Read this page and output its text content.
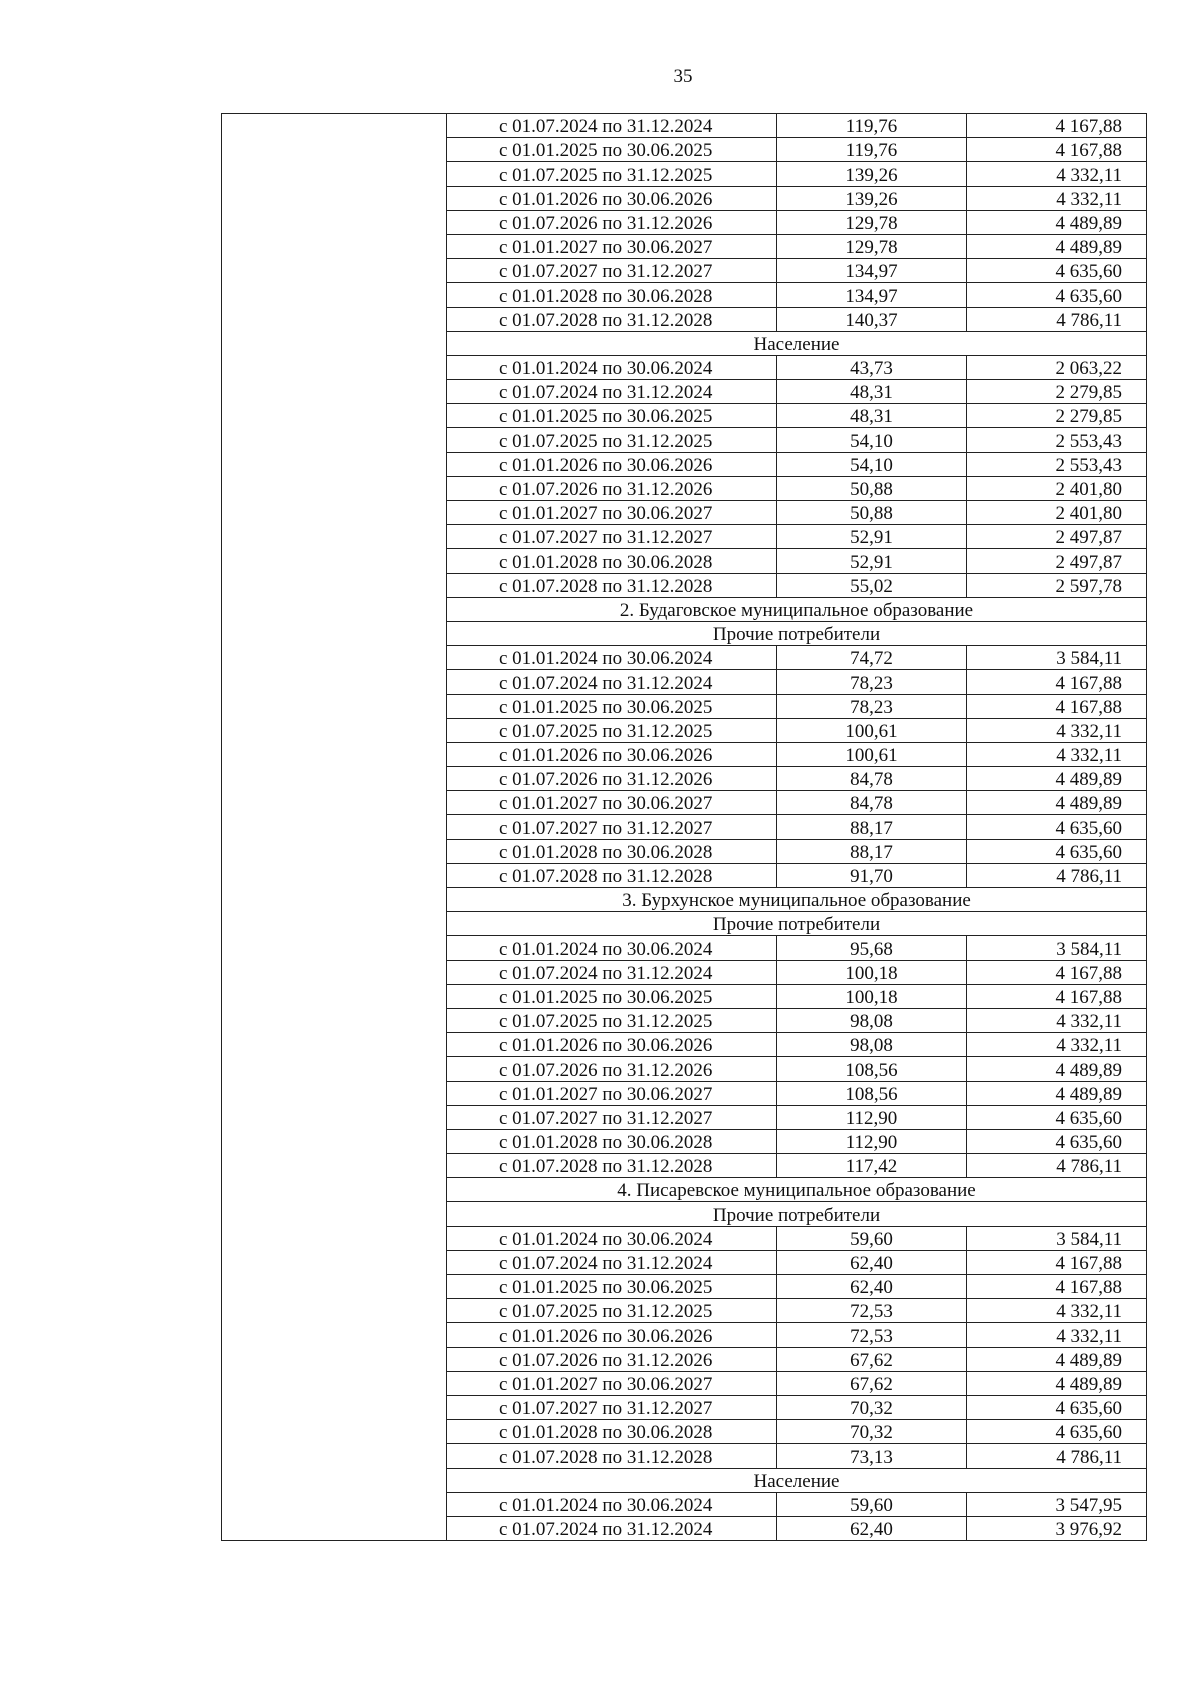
35
	с 01.07.2024 по 31.12.2024	119,76	4 167,88
	с 01.01.2025 по 30.06.2025	119,76	4 167,88
	с 01.07.2025 по 31.12.2025	139,26	4 332,11
	с 01.01.2026 по 30.06.2026	139,26	4 332,11
	с 01.07.2026 по 31.12.2026	129,78	4 489,89
	с 01.01.2027 по 30.06.2027	129,78	4 489,89
	с 01.07.2027 по 31.12.2027	134,97	4 635,60
	с 01.01.2028 по 30.06.2028	134,97	4 635,60
	с 01.07.2028 по 31.12.2028	140,37	4 786,11
	Население		
	с 01.01.2024 по 30.06.2024	43,73	2 063,22
	с 01.07.2024 по 31.12.2024	48,31	2 279,85
	с 01.01.2025 по 30.06.2025	48,31	2 279,85
	с 01.07.2025 по 31.12.2025	54,10	2 553,43
	с 01.01.2026 по 30.06.2026	54,10	2 553,43
	с 01.07.2026 по 31.12.2026	50,88	2 401,80
	с 01.01.2027 по 30.06.2027	50,88	2 401,80
	с 01.07.2027 по 31.12.2027	52,91	2 497,87
	с 01.01.2028 по 30.06.2028	52,91	2 497,87
	с 01.07.2028 по 31.12.2028	55,02	2 597,78
	2. Будаговское муниципальное образование		
	Прочие потребители		
	с 01.01.2024 по 30.06.2024	74,72	3 584,11
	с 01.07.2024 по 31.12.2024	78,23	4 167,88
	с 01.01.2025 по 30.06.2025	78,23	4 167,88
	с 01.07.2025 по 31.12.2025	100,61	4 332,11
	с 01.01.2026 по 30.06.2026	100,61	4 332,11
	с 01.07.2026 по 31.12.2026	84,78	4 489,89
	с 01.01.2027 по 30.06.2027	84,78	4 489,89
	с 01.07.2027 по 31.12.2027	88,17	4 635,60
	с 01.01.2028 по 30.06.2028	88,17	4 635,60
	с 01.07.2028 по 31.12.2028	91,70	4 786,11
	3. Бурхунское муниципальное образование		
	Прочие потребители		
	с 01.01.2024 по 30.06.2024	95,68	3 584,11
	с 01.07.2024 по 31.12.2024	100,18	4 167,88
	с 01.01.2025 по 30.06.2025	100,18	4 167,88
	с 01.07.2025 по 31.12.2025	98,08	4 332,11
	с 01.01.2026 по 30.06.2026	98,08	4 332,11
	с 01.07.2026 по 31.12.2026	108,56	4 489,89
	с 01.01.2027 по 30.06.2027	108,56	4 489,89
	с 01.07.2027 по 31.12.2027	112,90	4 635,60
	с 01.01.2028 по 30.06.2028	112,90	4 635,60
	с 01.07.2028 по 31.12.2028	117,42	4 786,11
	4. Писаревское муниципальное образование		
	Прочие потребители		
	с 01.01.2024 по 30.06.2024	59,60	3 584,11
	с 01.07.2024 по 31.12.2024	62,40	4 167,88
	с 01.01.2025 по 30.06.2025	62,40	4 167,88
	с 01.07.2025 по 31.12.2025	72,53	4 332,11
	с 01.01.2026 по 30.06.2026	72,53	4 332,11
	с 01.07.2026 по 31.12.2026	67,62	4 489,89
	с 01.01.2027 по 30.06.2027	67,62	4 489,89
	с 01.07.2027 по 31.12.2027	70,32	4 635,60
	с 01.01.2028 по 30.06.2028	70,32	4 635,60
	с 01.07.2028 по 31.12.2028	73,13	4 786,11
	Население		
	с 01.01.2024 по 30.06.2024	59,60	3 547,95
	с 01.07.2024 по 31.12.2024	62,40	3 976,92
